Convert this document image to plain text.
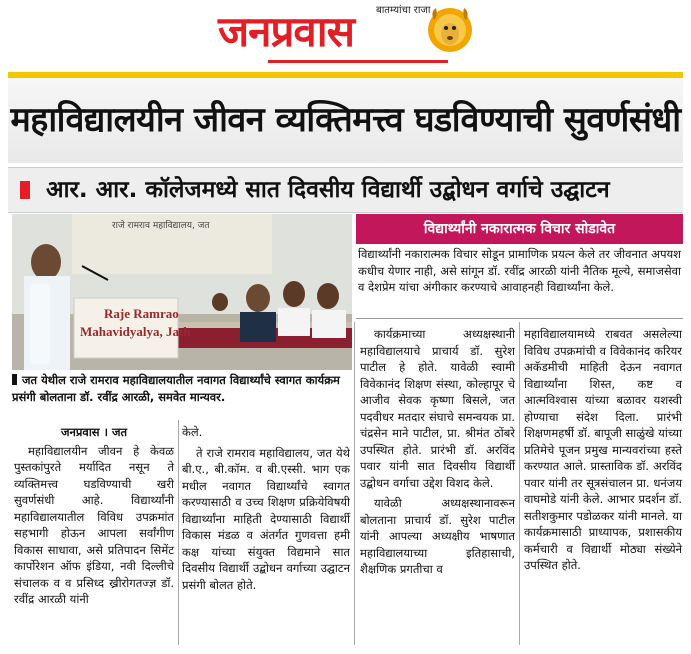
बातम्यांचा राजा
जनप्रवास
महाविद्यालयीन जीवन व्यक्तिमत्त्व घडविण्याची सुवर्णसंधी
आर. आर. कॉलेजमध्ये सात दिवसीय विद्यार्थी उद्बोधन वर्गाचे उद्घाटन
राजे रामराव महाविद्यालय, जत
Raje Ramrao
Mahavidyalya, Jath
जत येथील राजे रामराव महाविद्यालयातील नवागत विद्यार्थ्यांचे स्वागत कार्यक्रम प्रसंगी बोलताना डॉ. रवींद्र आरळी, समवेत मान्यवर.
विद्यार्थ्यांनी नकारात्मक विचार सोडावेत
विद्यार्थ्यांनी नकारात्मक विचार सोडून प्रामाणिक प्रयत्न केले तर जीवनात अपयश कधीच येणार नाही, असे सांगून डॉ. रवींद्र आरळी यांनी नैतिक मूल्ये, समाजसेवा व देशप्रेम यांचा अंगीकार करण्याचे आवाहनही विद्यार्थ्यांना केले.
जनप्रवास । जत

महाविद्यालयीन जीवन हे केवळ पुस्तकांपुरते मर्यादित नसून ते व्यक्तिमत्त्व घडविण्याची खरी सुवर्णसंधी आहे. विद्यार्थ्यांनी महाविद्यालयातील विविध उपक्रमांत सहभागी होऊन आपला सर्वांगीण विकास साधावा, असे प्रतिपादन सिमेंट कार्पोरेशन ऑफ इंडिया, नवी दिल्लीचे संचालक व व प्रसिध्द ख्रीरोगतज्ज्ञ डॉ. रवींद्र आरळी यांनी

केले.

ते राजे रामराव महाविद्यालय, जत येथे बी.ए., बी.कॉम. व बी.एस्सी. भाग एक मधील नवागत विद्यार्थ्यांचे स्वागत करण्यासाठी व उच्च शिक्षण प्रक्रियेविषयी विद्यार्थ्यांना माहिती देण्यासाठी विद्यार्थी विकास मंडळ व अंतर्गत गुणवत्ता हमी कक्ष यांच्या संयुक्त विद्यमाने सात दिवसीय विद्यार्थी उद्बोधन वर्गाच्या उद्घाटन प्रसंगी बोलत होते.

कार्यक्रमाच्या अध्यक्षस्थानी महाविद्यालयाचे प्राचार्य डॉ. सुरेश पाटील हे होते. यावेळी स्वामी विवेकानंद शिक्षण संस्था, कोल्हापूर चे आजीव सेवक कृष्णा बिसले, जत पदवीधर मतदार संघाचे समन्वयक प्रा. चंद्रसेन माने पाटील, प्रा. श्रीमंत ठोंबरे उपस्थित होते. प्रारंभी डॉ. अरविंद पवार यांनी सात दिवसीय विद्यार्थी उद्बोधन वर्गाचा उद्देश विशद केले.

यावेळी अध्यक्षस्थानावरून बोलताना प्राचार्य डॉ. सुरेश पाटील यांनी आपल्या अध्यक्षीय भाषणात महाविद्यालयाच्या इतिहासाची, शैक्षणिक प्रगतीचा व

महाविद्यालयामध्ये राबवत असलेल्या विविध उपक्रमांची व विवेकानंद करियर अकॅडमीची माहिती देऊन नवागत विद्यार्थ्यांना शिस्त, कष्ट व आत्मविश्वास यांच्या बळावर यशस्वी होण्याचा संदेश दिला. प्रारंभी शिक्षणमहर्षी डॉ. बापूजी साळुंखे यांच्या प्रतिमेचे पूजन प्रमुख मान्यवरांच्या हस्ते करण्यात आले. प्रास्ताविक डॉ. अरविंद पवार यांनी तर सूत्रसंचालन प्रा. धनंजय वाघमोडे यांनी केले. आभार प्रदर्शन डॉ. सतीशकुमार पडोळकर यांनी मानले. या कार्यक्रमासाठी प्राध्यापक, प्रशासकीय कर्मचारी व विद्यार्थी मोठ्या संख्येने उपस्थित होते.
